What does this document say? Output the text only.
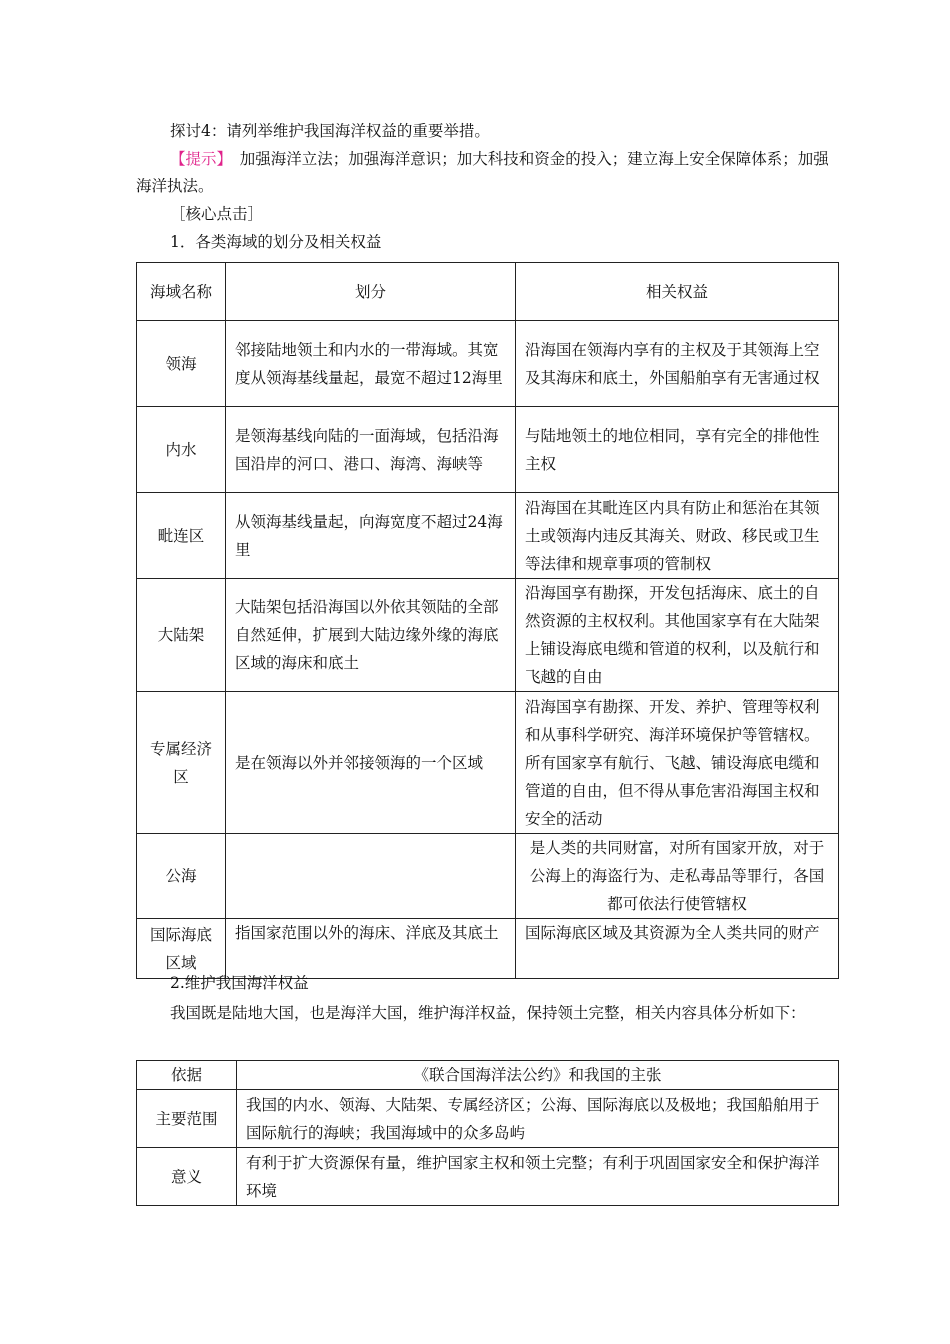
探讨4：请列举维护我国海洋权益的重要举措。
【提示】　加强海洋立法；加强海洋意识；加大科技和资金的投入；建立海上安全保障体系；加强海洋执法。
［核心点击］
1．各类海域的划分及相关权益
海域名称	划分	相关权益
领海	邻接陆地领土和内水的一带海域。其宽度从领海基线量起，最宽不超过12海里	沿海国在领海内享有的主权及于其领海上空及其海床和底土，外国船舶享有无害通过权
内水	是领海基线向陆的一面海域，包括沿海国沿岸的河口、港口、海湾、海峡等	与陆地领土的地位相同，享有完全的排他性主权
毗连区	从领海基线量起，向海宽度不超过24海里	沿海国在其毗连区内具有防止和惩治在其领土或领海内违反其海关、财政、移民或卫生等法律和规章事项的管制权
大陆架	大陆架包括沿海国以外依其领陆的全部自然延伸，扩展到大陆边缘外缘的海底区域的海床和底土	沿海国享有勘探，开发包括海床、底土的自然资源的主权权利。其他国家享有在大陆架上铺设海底电缆和管道的权利，以及航行和飞越的自由
专属经济区	是在领海以外并邻接领海的一个区域	沿海国享有勘探、开发、养护、管理等权利和从事科学研究、海洋环境保护等管辖权。所有国家享有航行、飞越、铺设海底电缆和管道的自由，但不得从事危害沿海国主权和安全的活动
公海		是人类的共同财富，对所有国家开放，对于公海上的海盗行为、走私毒品等罪行，各国都可依法行使管辖权
国际海底区域	指国家范围以外的海床、洋底及其底土	国际海底区域及其资源为全人类共同的财产
2.维护我国海洋权益
我国既是陆地大国，也是海洋大国，维护海洋权益，保持领土完整，相关内容具体分析如下：
依据	《联合国海洋法公约》和我国的主张
主要范围	我国的内水、领海、大陆架、专属经济区；公海、国际海底以及极地；我国船舶用于国际航行的海峡；我国海域中的众多岛屿
意义	有利于扩大资源保有量，维护国家主权和领土完整；有利于巩固国家安全和保护海洋环境
